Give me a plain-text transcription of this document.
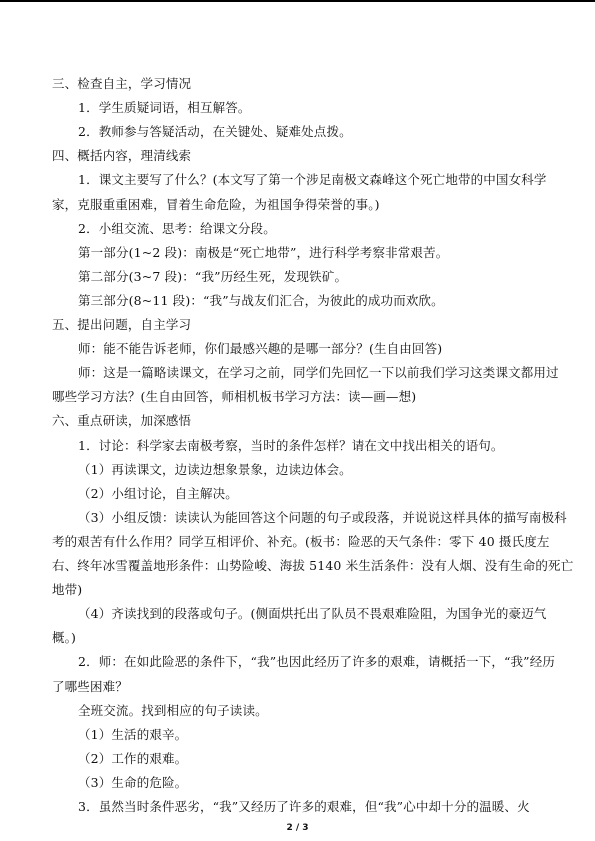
三、检查自主，学习情况
1．学生质疑词语，相互解答。
2．教师参与答疑活动，在关键处、疑难处点拨。
四、概括内容，理清线索
1．课文主要写了什么？(本文写了第一个涉足南极文森峰这个死亡地带的中国女科学
家，克服重重困难，冒着生命危险，为祖国争得荣誉的事。)
2．小组交流、思考：给课文分段。
第一部分(1~2 段)：南极是“死亡地带”，进行科学考察非常艰苦。
第二部分(3~7 段)：“我”历经生死，发现铁矿。
第三部分(8~11 段)：“我”与战友们汇合，为彼此的成功而欢欣。
五、提出问题，自主学习
师：能不能告诉老师，你们最感兴趣的是哪一部分？(生自由回答)
师：这是一篇略读课文，在学习之前，同学们先回忆一下以前我们学习这类课文都用过
哪些学习方法？(生自由回答，师相机板书学习方法：读—画—想)
六、重点研读，加深感悟
1．讨论：科学家去南极考察，当时的条件怎样？请在文中找出相关的语句。
（1）再读课文，边读边想象景象，边读边体会。
（2）小组讨论，自主解决。
（3）小组反馈：读读认为能回答这个问题的句子或段落，并说说这样具体的描写南极科
考的艰苦有什么作用？同学互相评价、补充。(板书：险恶的天气条件：零下 40 摄氏度左
右、终年冰雪覆盖地形条件：山势险峻、海拔 5140 米生活条件：没有人烟、没有生命的死亡
地带)
（4）齐读找到的段落或句子。(侧面烘托出了队员不畏艰难险阻，为国争光的豪迈气
概。)
2．师：在如此险恶的条件下，“我”也因此经历了许多的艰难，请概括一下，“我”经历
了哪些困难？
全班交流。找到相应的句子读读。
（1）生活的艰辛。
（2）工作的艰难。
（3）生命的危险。
3．虽然当时条件恶劣，“我”又经历了许多的艰难，但“我”心中却十分的温暖、火
2 / 3
